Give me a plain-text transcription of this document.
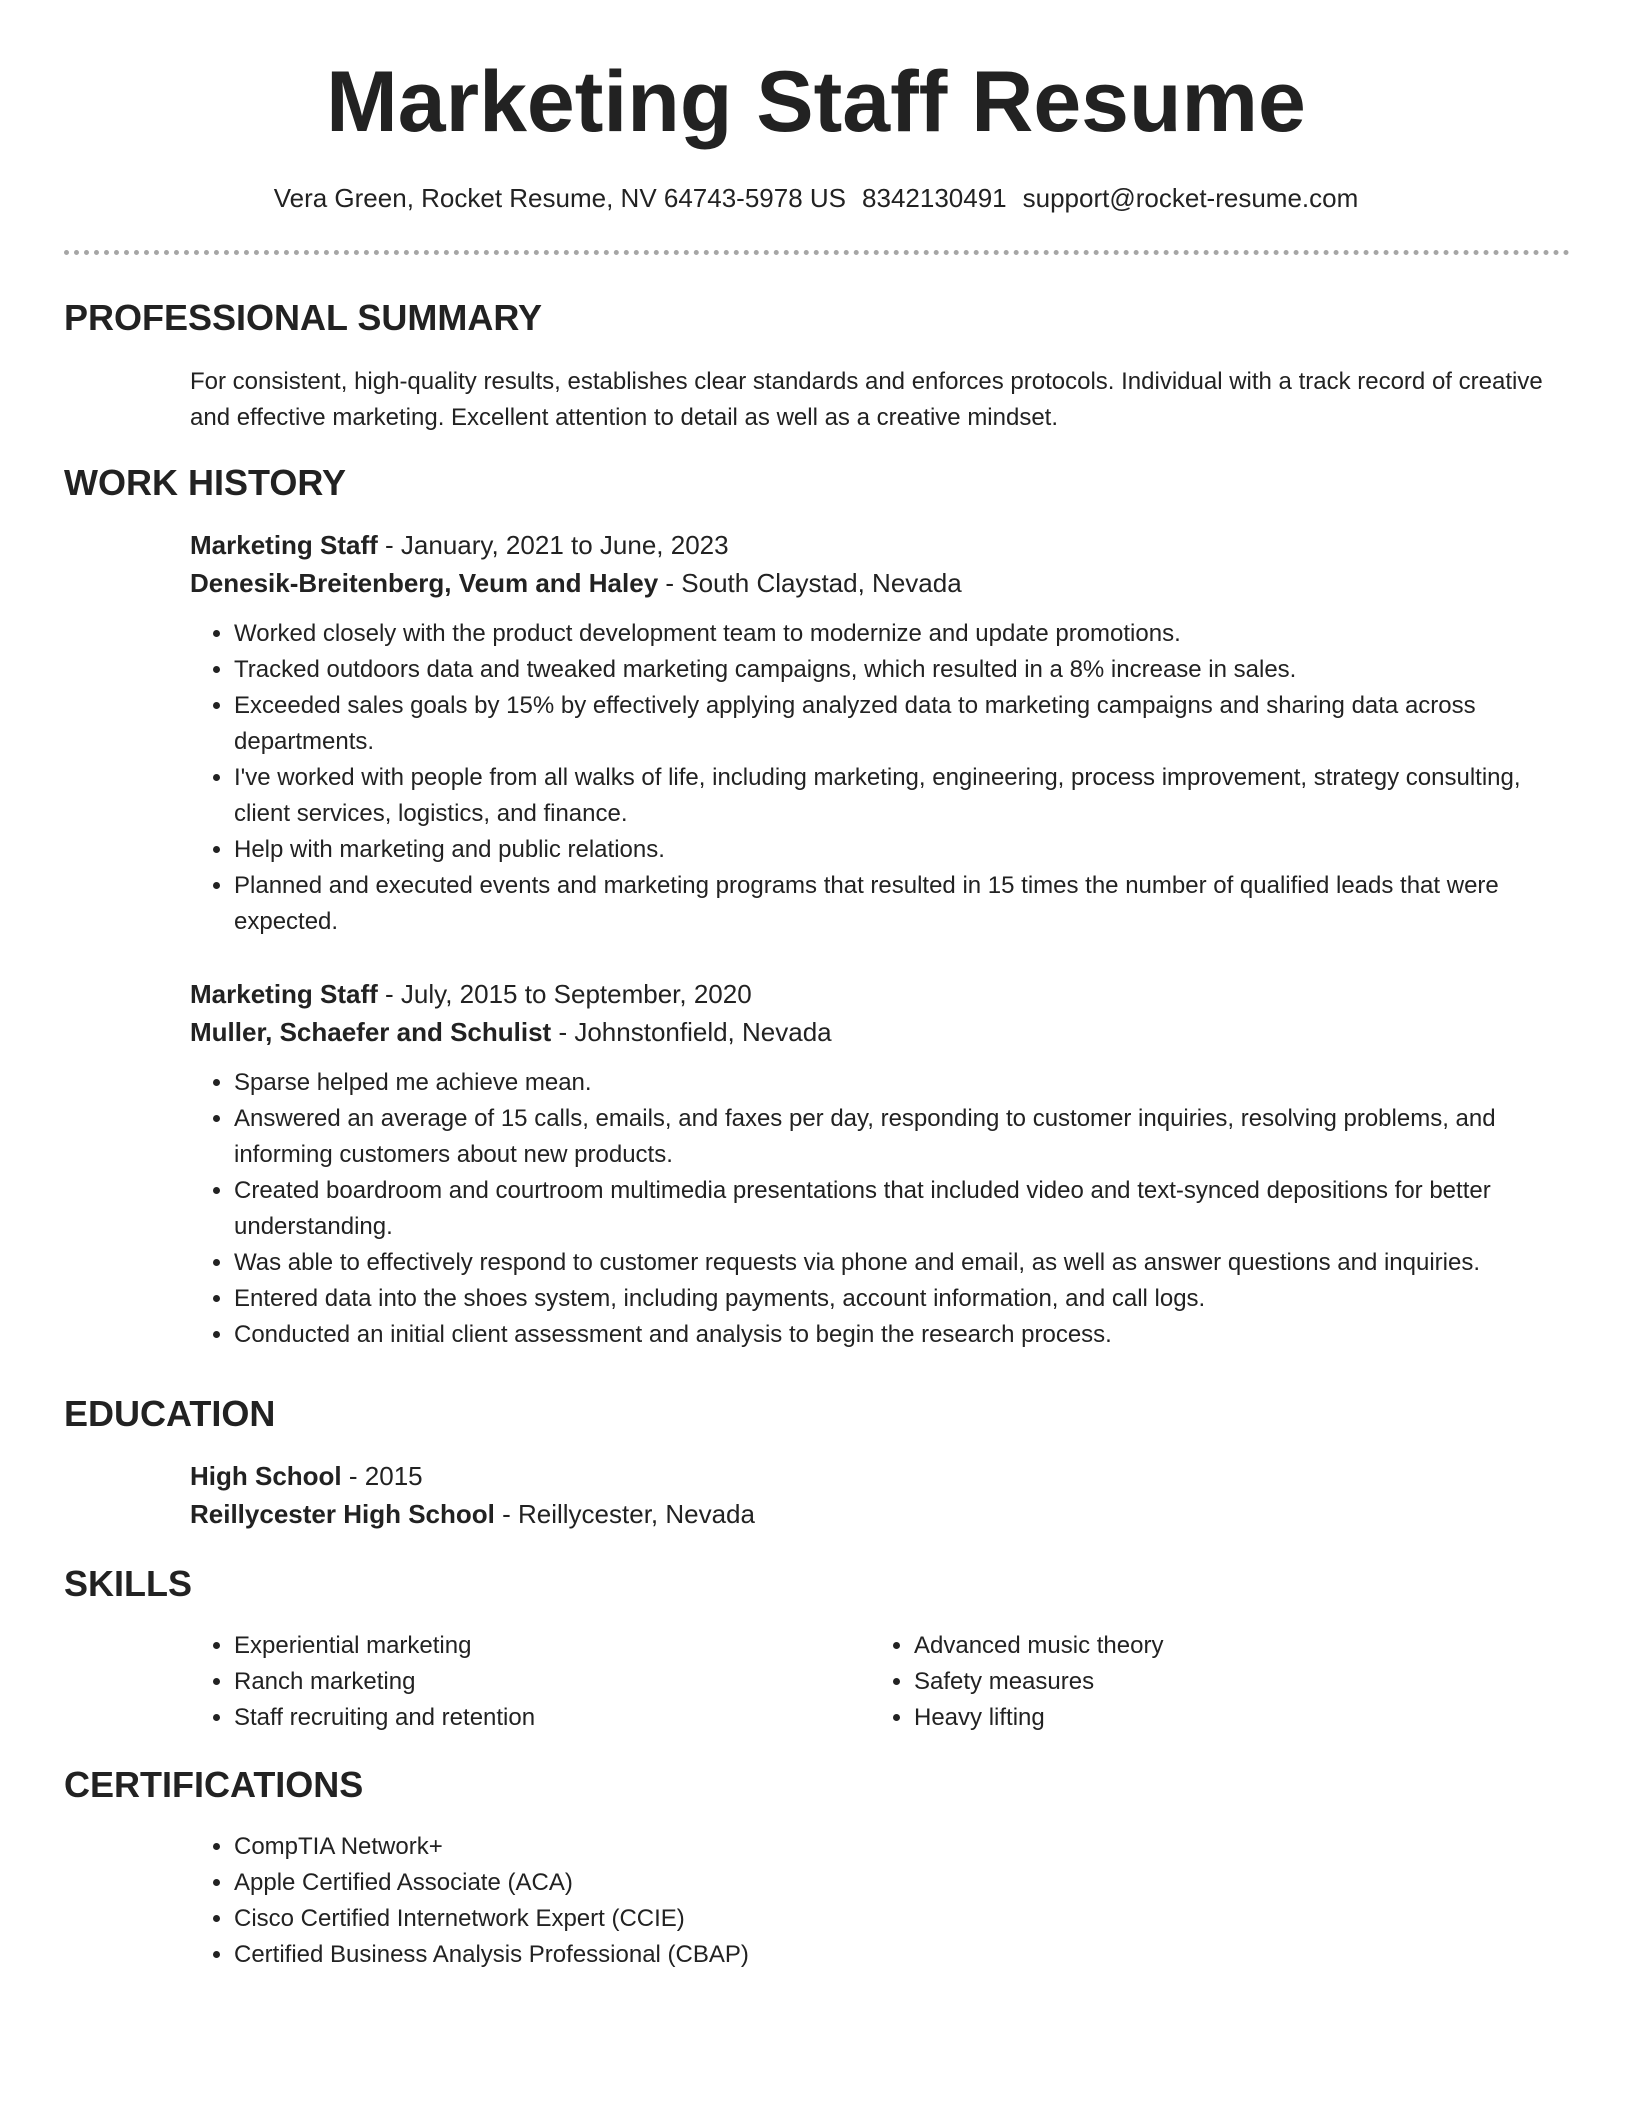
Marketing Staff Resume
Vera Green, Rocket Resume, NV 64743-5978 US 8342130491 support@rocket-resume.com
PROFESSIONAL SUMMARY

For consistent, high-quality results, establishes clear standards and enforces protocols. Individual with a track record of creative and effective marketing. Excellent attention to detail as well as a creative mindset.

WORK HISTORY

Marketing Staff - January, 2021 to June, 2023

Denesik-Breitenberg, Veum and Haley - South Claystad, Nevada

• Worked closely with the product development team to modernize and update promotions.
• Tracked outdoors data and tweaked marketing campaigns, which resulted in a 8% increase in sales.
• Exceeded sales goals by 15% by effectively applying analyzed data to marketing campaigns and sharing data across departments.
• I've worked with people from all walks of life, including marketing, engineering, process improvement, strategy consulting, client services, logistics, and finance.
• Help with marketing and public relations.
• Planned and executed events and marketing programs that resulted in 15 times the number of qualified leads that were expected.

Marketing Staff - July, 2015 to September, 2020

Muller, Schaefer and Schulist - Johnstonfield, Nevada

• Sparse helped me achieve mean.
• Answered an average of 15 calls, emails, and faxes per day, responding to customer inquiries, resolving problems, and informing customers about new products.
• Created boardroom and courtroom multimedia presentations that included video and text-synced depositions for better understanding.
• Was able to effectively respond to customer requests via phone and email, as well as answer questions and inquiries.
• Entered data into the shoes system, including payments, account information, and call logs.
• Conducted an initial client assessment and analysis to begin the research process.
EDUCATION

High School - 2015

Reillycester High School - Reillycester, Nevada

SKILLS
• Experiential marketing
• Ranch marketing
• Staff recruiting and retention
• Advanced music theory
• Safety measures
• Heavy lifting
CERTIFICATIONS
• CompTIA Network+
• Apple Certified Associate (ACA)
• Cisco Certified Internetwork Expert (CCIE)
• Certified Business Analysis Professional (CBAP)
